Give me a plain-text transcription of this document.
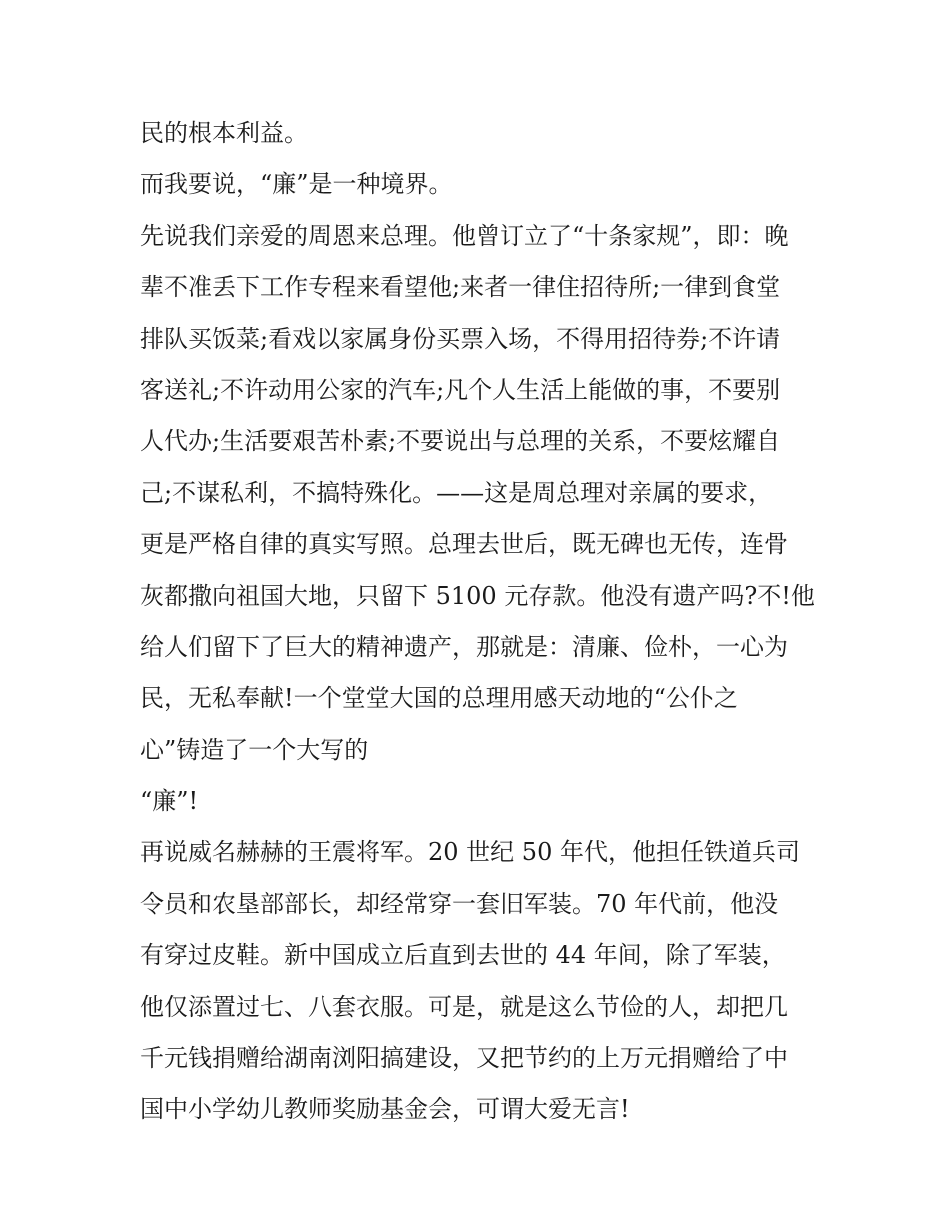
民的根本利益。
而我要说，“廉”是一种境界。
先说我们亲爱的周恩来总理。他曾订立了“十条家规”，即：晚
辈不准丢下工作专程来看望他;来者一律住招待所;一律到食堂
排队买饭菜;看戏以家属身份买票入场，不得用招待券;不许请
客送礼;不许动用公家的汽车;凡个人生活上能做的事，不要别
人代办;生活要艰苦朴素;不要说出与总理的关系，不要炫耀自
己;不谋私利，不搞特殊化。——这是周总理对亲属的要求，
更是严格自律的真实写照。总理去世后，既无碑也无传，连骨
灰都撒向祖国大地，只留下 5100 元存款。他没有遗产吗?不!他
给人们留下了巨大的精神遗产，那就是：清廉、俭朴，一心为
民，无私奉献!一个堂堂大国的总理用感天动地的“公仆之
心”铸造了一个大写的
“廉”!
再说威名赫赫的王震将军。20 世纪 50 年代，他担任铁道兵司
令员和农垦部部长，却经常穿一套旧军装。70 年代前，他没
有穿过皮鞋。新中国成立后直到去世的 44 年间，除了军装，
他仅添置过七、八套衣服。可是，就是这么节俭的人，却把几
千元钱捐赠给湖南浏阳搞建设，又把节约的上万元捐赠给了中
国中小学幼儿教师奖励基金会，可谓大爱无言!
